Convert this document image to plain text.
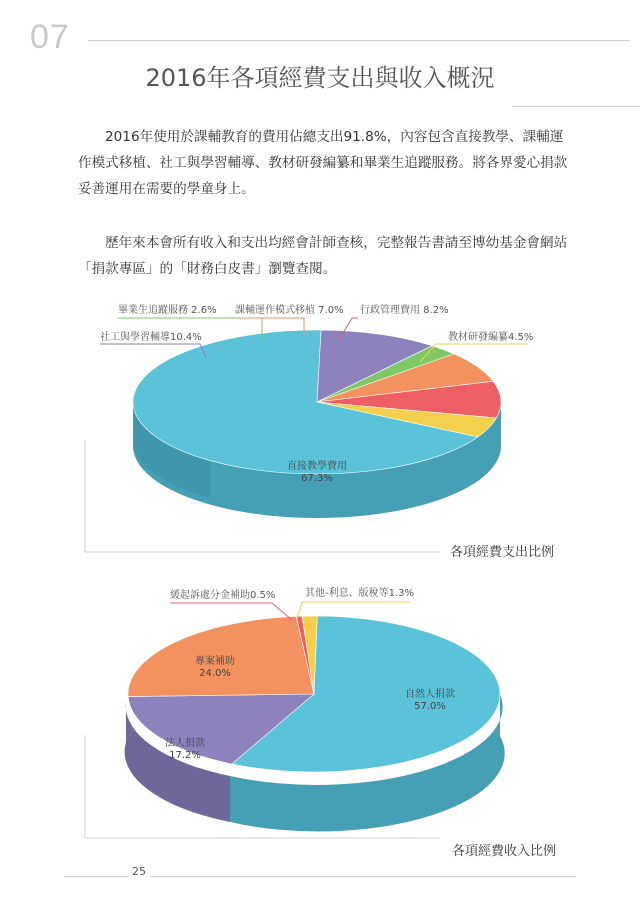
07
2016年各項經費支出與收入概況
2016年使用於課輔教育的費用佔總支出91.8%，內容包含直接教學、課輔運作模式移植、社工與學習輔導、教材研發編纂和畢業生追蹤服務。將各界愛心捐款妥善運用在需要的學童身上。
歷年來本會所有收入和支出均經會計師查核，完整報告書請至博幼基金會網站「捐款專區」的「財務白皮書」瀏覽查閱。
畢業生追蹤服務 2.6% 課輔運作模式移植 7.0% 行政管理費用 8.2%
教材研發編纂4.5%
社工與學習輔導10.4%
直接教學費用
67.3%
各項經費支出比例
緩起訴處分金補助0.5%	其他-利息、版稅等1.3%
自然人捐款
57.0%
法人捐款
17.2%
專案補助
24.0%
各項經費收入比例
25
